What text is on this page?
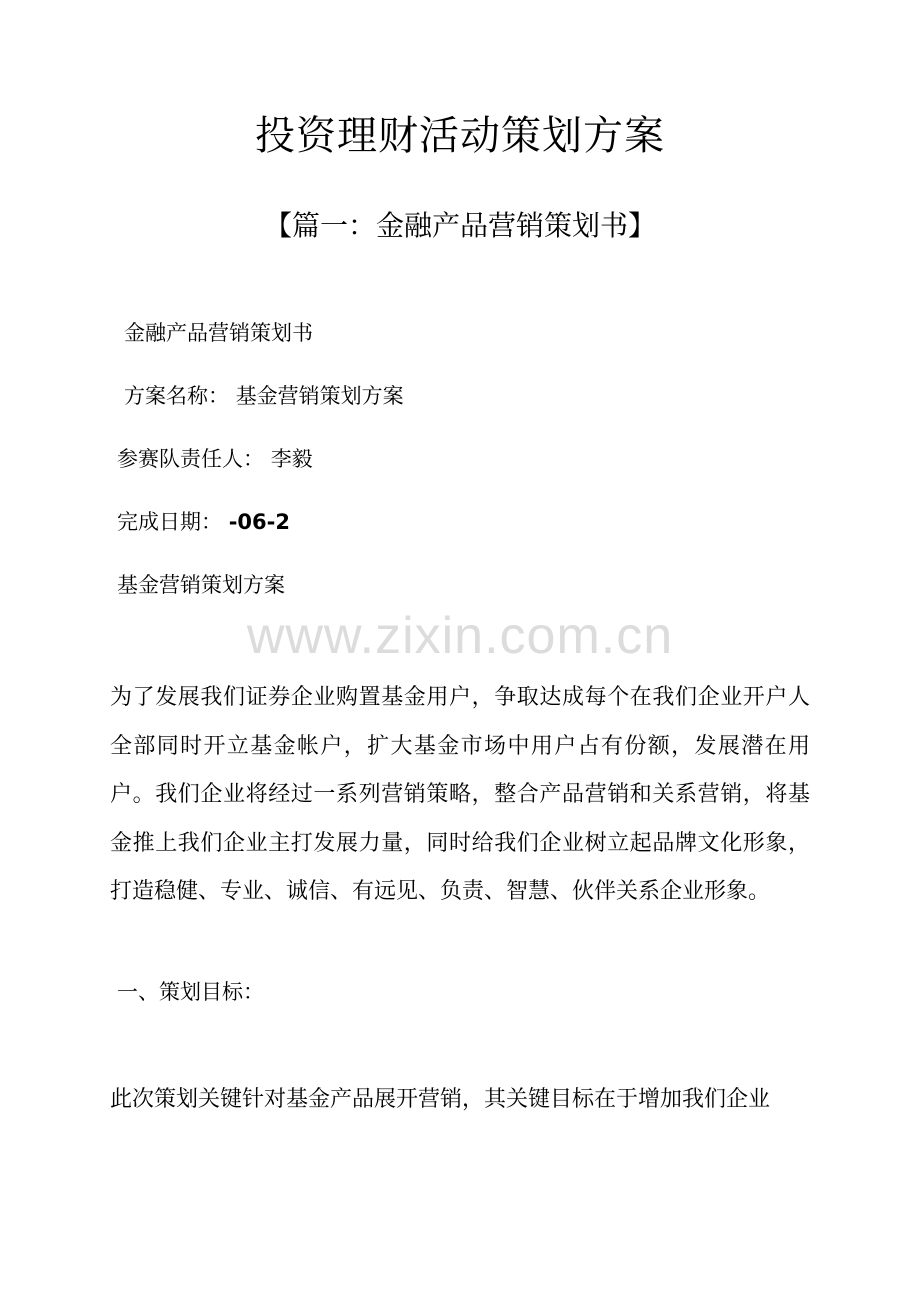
投资理财活动策划方案
【篇一：金融产品营销策划书】

金融产品营销策划书

方案名称： 基金营销策划方案

参赛队责任人： 李毅

完成日期： -06-2

基金营销策划方案

www.zixin.com.cn

为了发展我们证券企业购置基金用户，争取达成每个在我们企业开户人全部同时开立基金帐户，扩大基金市场中用户占有份额，发展潜在用户。我们企业将经过一系列营销策略，整合产品营销和关系营销，将基金推上我们企业主打发展力量，同时给我们企业树立起品牌文化形象，打造稳健、专业、诚信、有远见、负责、智慧、伙伴关系企业形象。

一、策划目标：

此次策划关键针对基金产品展开营销，其关键目标在于增加我们企业
